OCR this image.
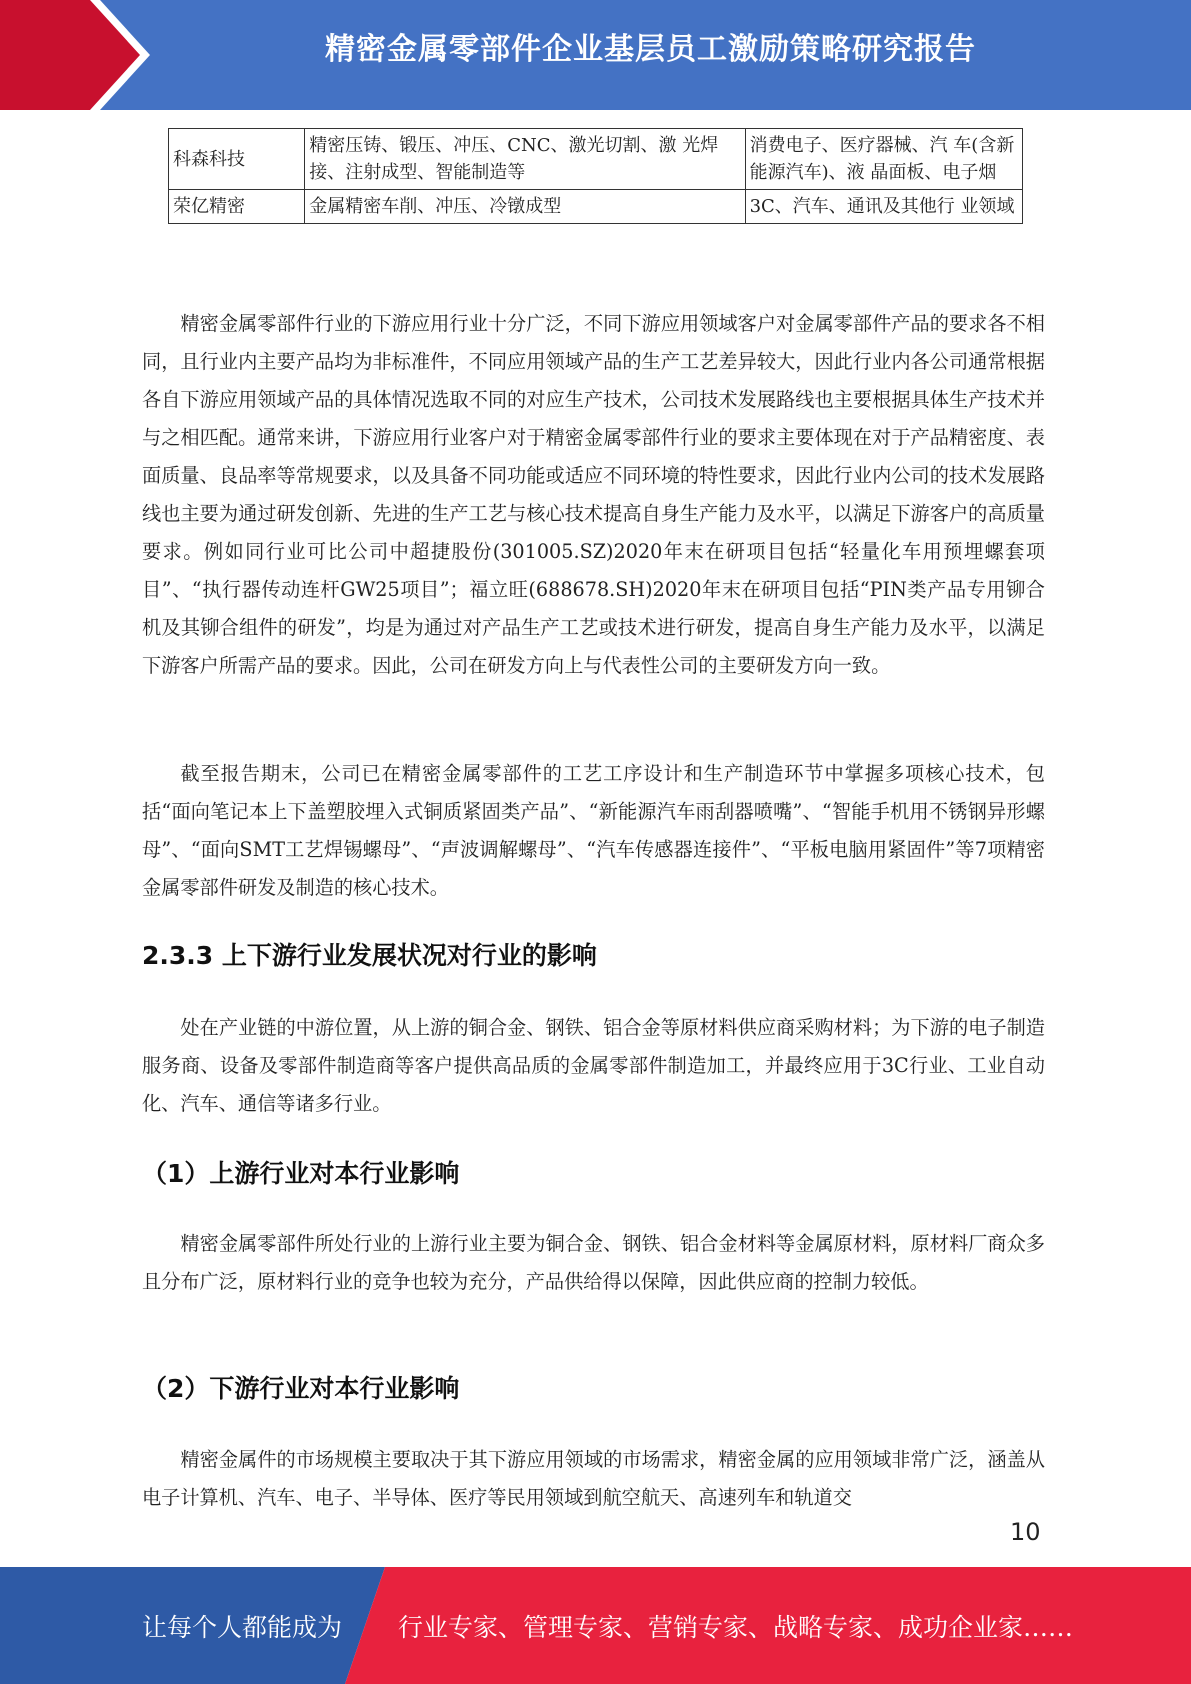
精密金属零部件企业基层员工激励策略研究报告
科森科技	精密压铸、锻压、冲压、CNC、激光切割、激 光焊接、注射成型、智能制造等	消费电子、医疗器械、汽 车(含新能源汽车)、液 晶面板、电子烟
荣亿精密	金属精密车削、冲压、冷镦成型	3C、汽车、通讯及其他行 业领域

精密金属零部件行业的下游应用行业十分广泛，不同下游应用领域客户对金属零部件产品的要求各不相同，且行业内主要产品均为非标准件，不同应用领域产品的生产工艺差异较大，因此行业内各公司通常根据各自下游应用领域产品的具体情况选取不同的对应生产技术，公司技术发展路线也主要根据具体生产技术并与之相匹配。通常来讲，下游应用行业客户对于精密金属零部件行业的要求主要体现在对于产品精密度、表面质量、良品率等常规要求，以及具备不同功能或适应不同环境的特性要求，因此行业内公司的技术发展路线也主要为通过研发创新、先进的生产工艺与核心技术提高自身生产能力及水平，以满足下游客户的高质量要求。例如同行业可比公司中超捷股份(301005.SZ)2020年末在研项目包括“轻量化车用预埋螺套项目”、“执行器传动连杆GW25项目”；福立旺(688678.SH)2020年末在研项目包括“PIN类产品专用铆合机及其铆合组件的研发”，均是为通过对产品生产工艺或技术进行研发，提高自身生产能力及水平，以满足下游客户所需产品的要求。因此，公司在研发方向上与代表性公司的主要研发方向一致。

截至报告期末，公司已在精密金属零部件的工艺工序设计和生产制造环节中掌握多项核心技术，包括“面向笔记本上下盖塑胶埋入式铜质紧固类产品”、“新能源汽车雨刮器喷嘴”、“智能手机用不锈钢异形螺母”、“面向SMT工艺焊锡螺母”、“声波调解螺母”、“汽车传感器连接件”、“平板电脑用紧固件”等7项精密金属零部件研发及制造的核心技术。

2.3.3 上下游行业发展状况对行业的影响

处在产业链的中游位置，从上游的铜合金、钢铁、铝合金等原材料供应商采购材料；为下游的电子制造服务商、设备及零部件制造商等客户提供高品质的金属零部件制造加工，并最终应用于3C行业、工业自动化、汽车、通信等诸多行业。

（1）上游行业对本行业影响

精密金属零部件所处行业的上游行业主要为铜合金、钢铁、铝合金材料等金属原材料，原材料厂商众多且分布广泛，原材料行业的竞争也较为充分，产品供给得以保障，因此供应商的控制力较低。

（2）下游行业对本行业影响

精密金属件的市场规模主要取决于其下游应用领域的市场需求，精密金属的应用领域非常广泛，涵盖从电子计算机、汽车、电子、半导体、医疗等民用领域到航空航天、高速列车和轨道交

10
让每个人都能成为 行业专家、管理专家、营销专家、战略专家、成功企业家……
